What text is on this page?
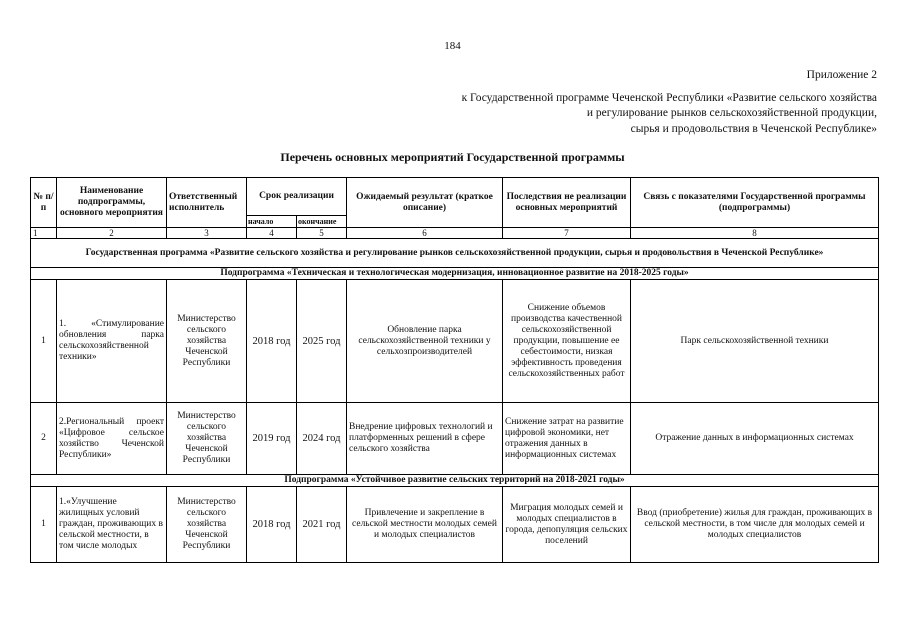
184
Приложение 2
к Государственной программе Чеченской Республики «Развитие сельского хозяйства
и регулирование рынков сельскохозяйственной продукции,
сырья и продовольствия в Чеченской Республике»
Перечень основных мероприятий Государственной программы
№ п/п	Наименование подпрограммы, основного мероприятия	Ответственный исполнитель	Срок реализации		Ожидаемый результат (краткое описание)	Последствия не реализации основных мероприятий	Связь с показателями Государственной программы (подпрограммы)
			начало	окончание			
1	2	3	4	5	6	7	8
Государственная программа «Развитие сельского хозяйства и регулирование рынков сельскохозяйственной продукции, сырья и продовольствия в Чеченской Республике»							
Подпрограмма «Техническая и технологическая модернизация, инновационное развитие на 2018-2025 годы»							
1	1. «Стимулирование обновления парка сельскохозяйственной техники»	Министерство сельского хозяйства Чеченской Республики	2018 год	2025 год	Обновление парка сельскохозяйственной техники у сельхозпроизводителей	Снижение объемов производства качественной сельскохозяйственной продукции, повышение ее себестоимости, низкая эффективность проведения сельскохозяйственных работ	Парк сельскохозяйственной техники
2	2.Региональный проект «Цифровое сельское хозяйство Чеченской Республики»	Министерство сельского хозяйства Чеченской Республики	2019 год	2024 год	Внедрение цифровых технологий и платформенных решений в сфере сельского хозяйства	Снижение затрат на развитие цифровой экономики, нет отражения данных в информационных системах	Отражение данных в информационных системах
Подпрограмма «Устойчивое развитие сельских территорий на 2018-2021 годы»							
1	1.«Улучшение жилищных условий граждан, проживающих в сельской местности, в том числе молодых	Министерство сельского хозяйства Чеченской Республики	2018 год	2021 год	Привлечение и закрепление в сельской местности молодых семей и молодых специалистов	Миграция молодых семей и молодых специалистов в города, депопуляция сельских поселений	Ввод (приобретение) жилья для граждан, проживающих в сельской местности, в том числе для молодых семей и молодых специалистов
